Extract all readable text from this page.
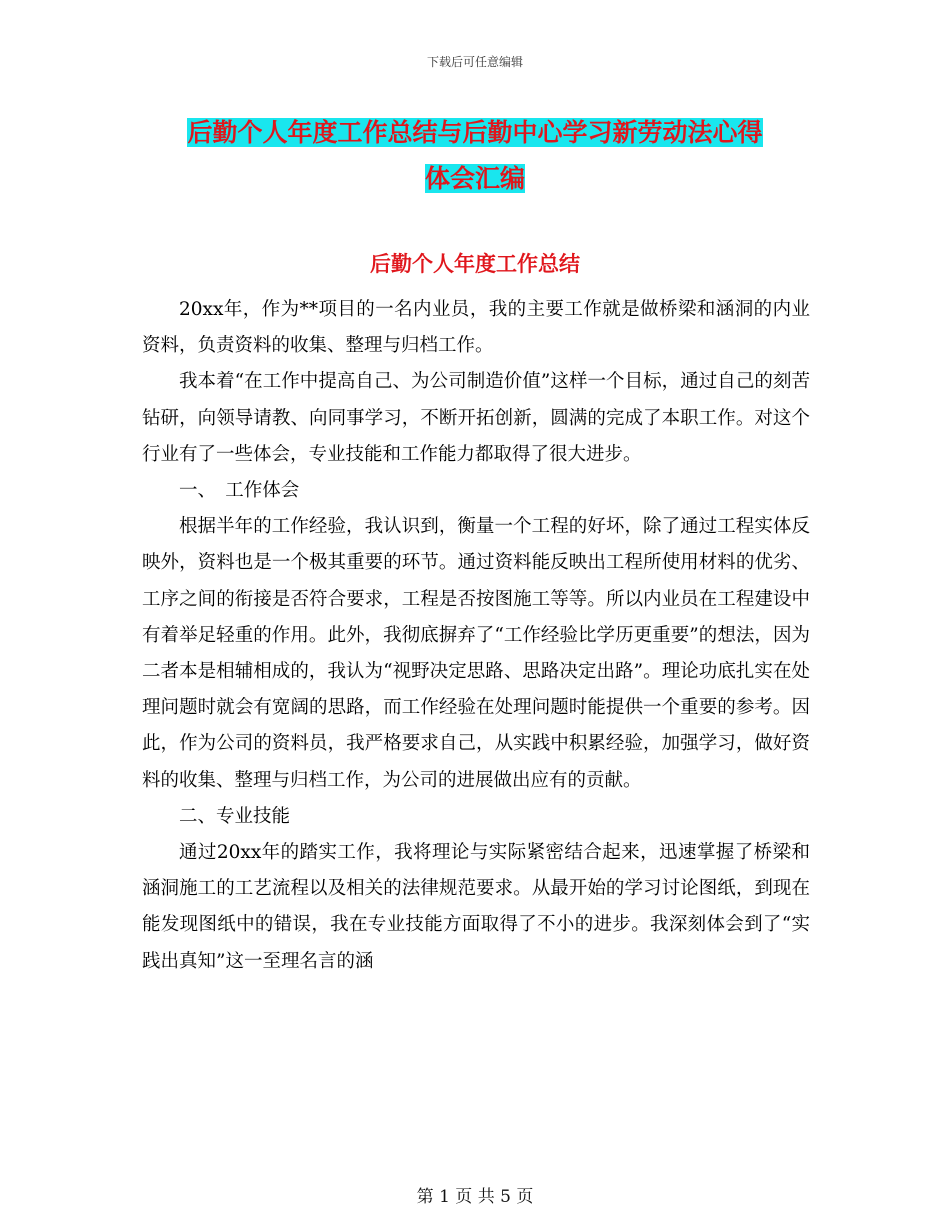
下载后可任意编辑
后勤个人年度工作总结与后勤中心学习新劳动法心得
体会汇编
后勤个人年度工作总结

20xx年，作为**项目的一名内业员，我的主要工作就是做桥梁和涵洞的内业资料，负责资料的收集、整理与归档工作。

我本着“在工作中提高自己、为公司制造价值”这样一个目标，通过自己的刻苦钻研，向领导请教、向同事学习，不断开拓创新，圆满的完成了本职工作。对这个行业有了一些体会，专业技能和工作能力都取得了很大进步。

一、　工作体会

根据半年的工作经验，我认识到，衡量一个工程的好坏，除了通过工程实体反映外，资料也是一个极其重要的环节。通过资料能反映出工程所使用材料的优劣、工序之间的衔接是否符合要求，工程是否按图施工等等。所以内业员在工程建设中有着举足轻重的作用。此外，我彻底摒弃了“工作经验比学历更重要”的想法，因为二者本是相辅相成的，我认为“视野决定思路、思路决定出路”。理论功底扎实在处理问题时就会有宽阔的思路，而工作经验在处理问题时能提供一个重要的参考。因此，作为公司的资料员，我严格要求自己，从实践中积累经验，加强学习，做好资料的收集、整理与归档工作，为公司的进展做出应有的贡献。

二、专业技能

通过20xx年的踏实工作，我将理论与实际紧密结合起来，迅速掌握了桥梁和涵洞施工的工艺流程以及相关的法律规范要求。从最开始的学习讨论图纸，到现在能发现图纸中的错误，我在专业技能方面取得了不小的进步。我深刻体会到了“实践出真知”这一至理名言的涵

第 1 页 共 5 页
